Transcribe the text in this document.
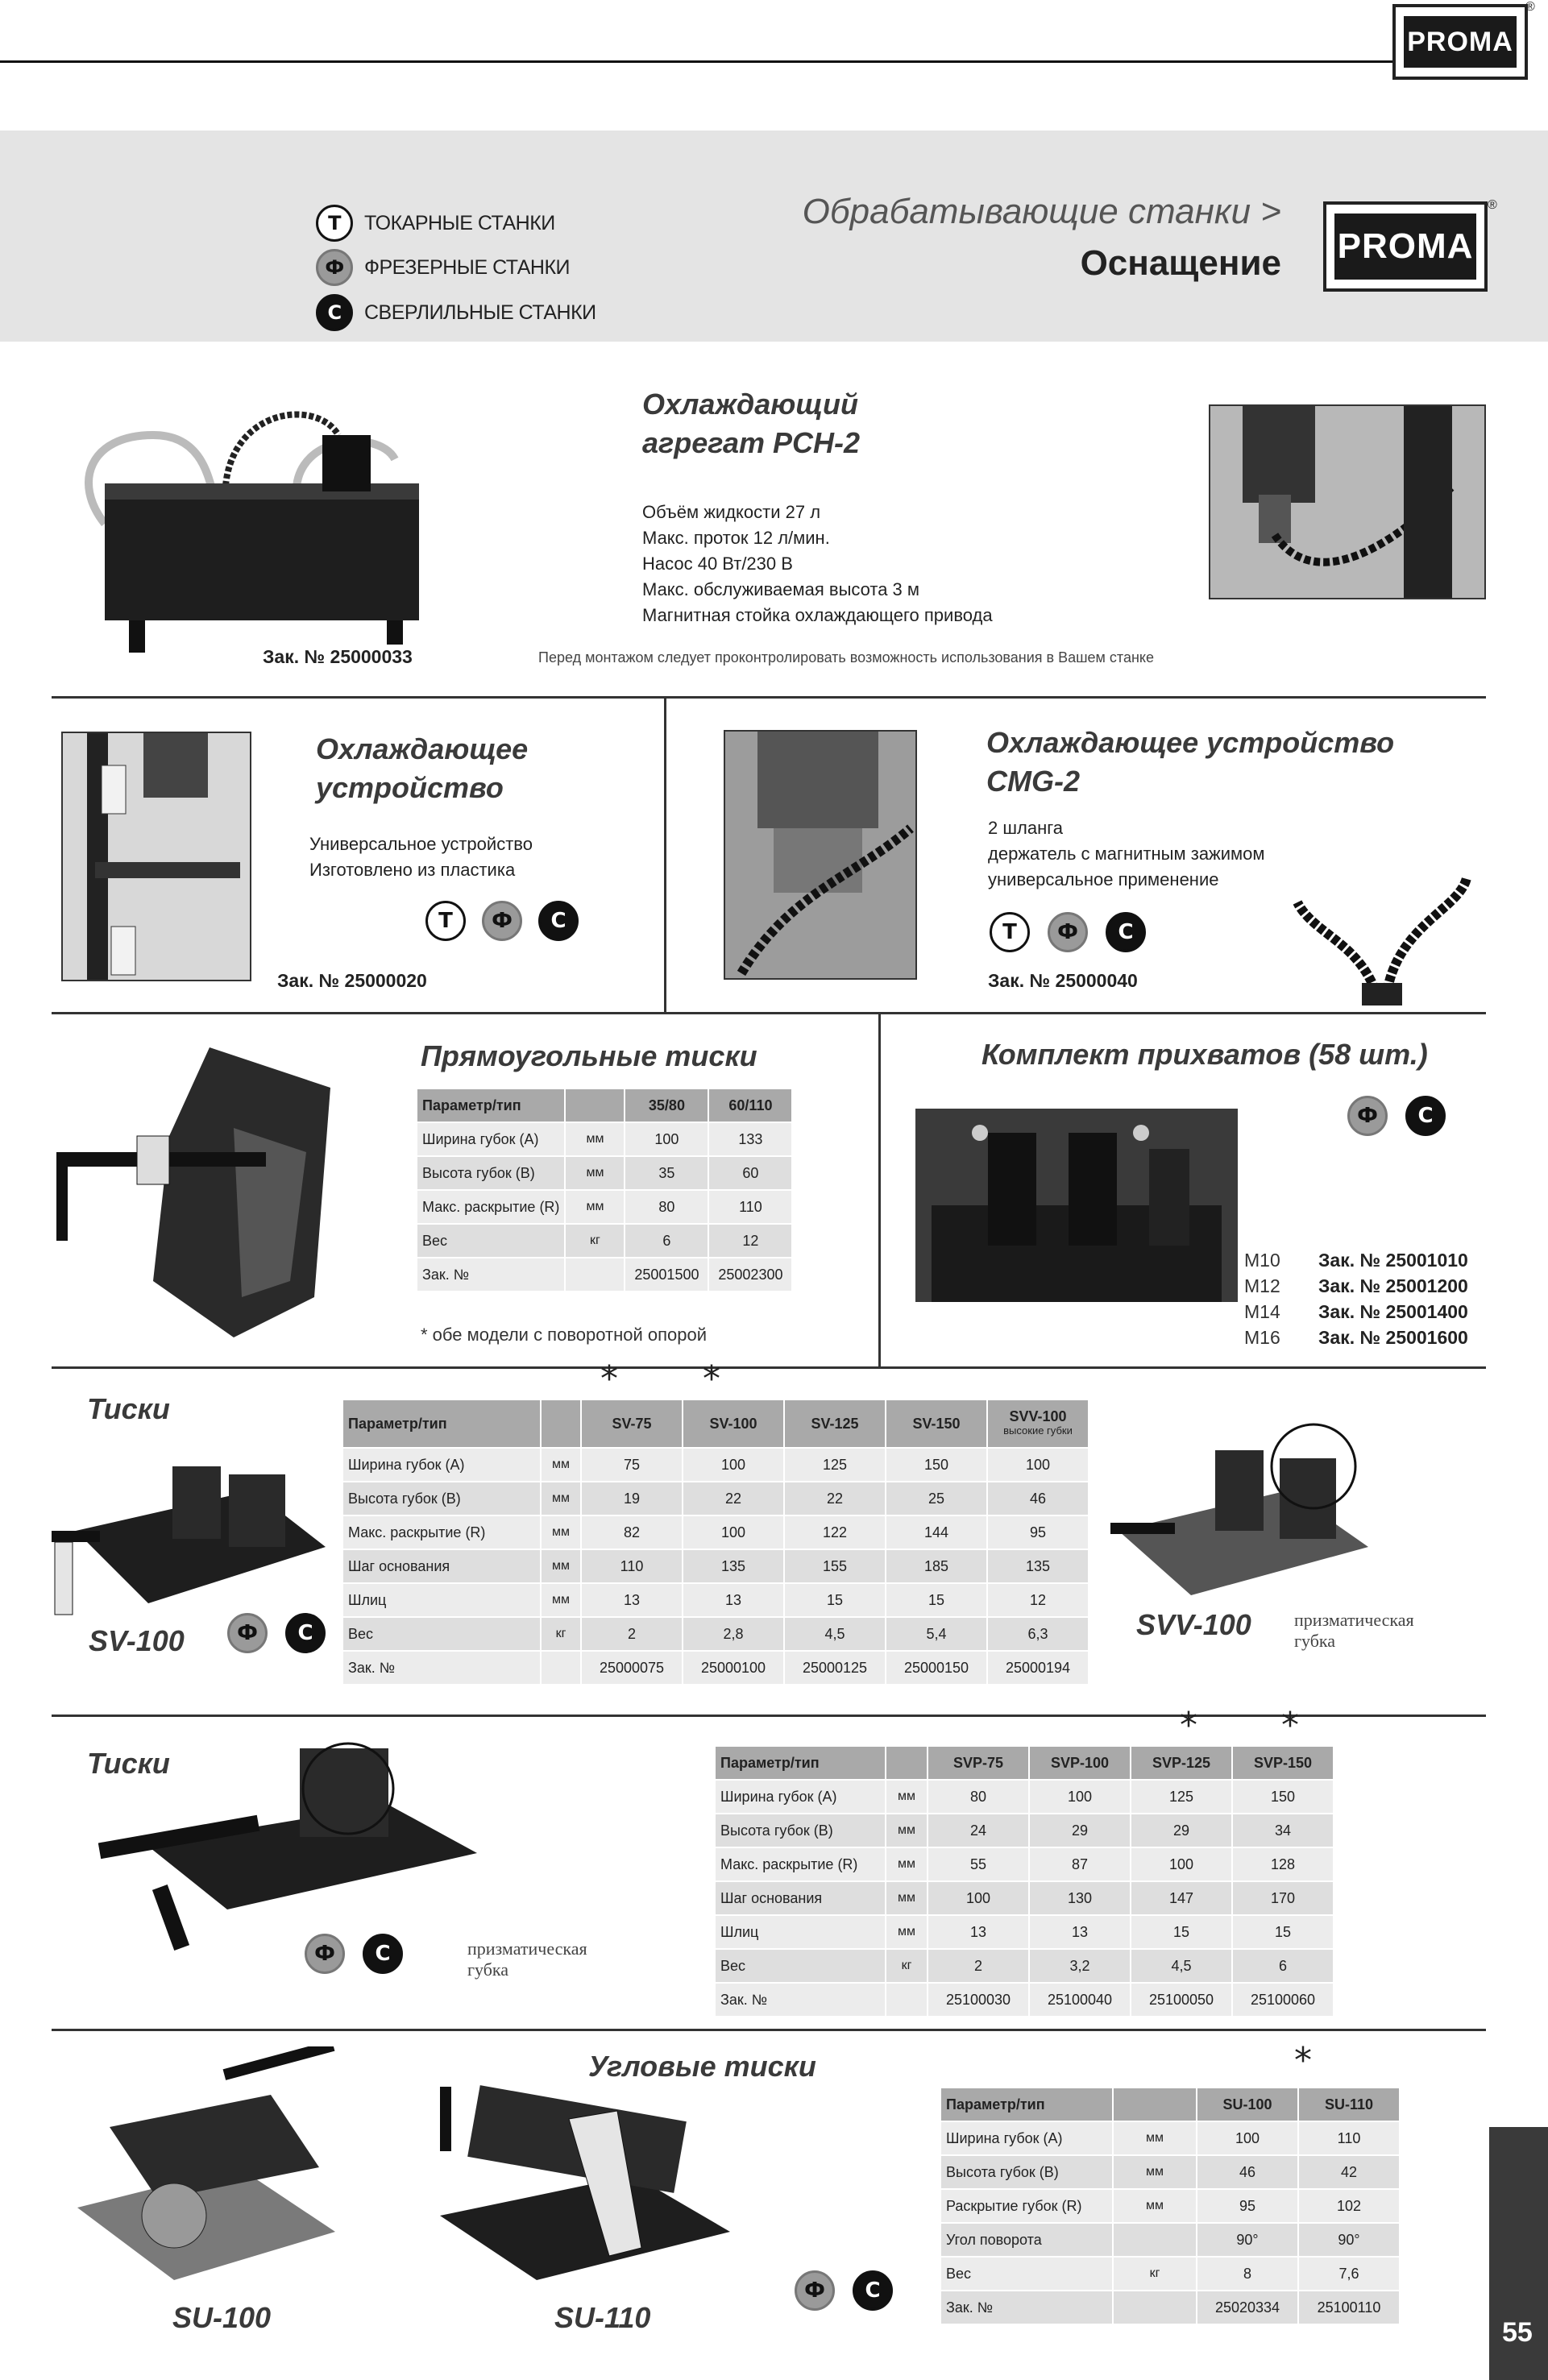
PROMA
®
Т	ТОКАРНЫЕ СТАНКИ
Ф	ФРЕЗЕРНЫЕ СТАНКИ
С	СВЕРЛИЛЬНЫЕ СТАНКИ
Обрабатывающие станки >
Оснащение PROMA
®
Охлаждающий
агрегат PCH-2
Объём жидкости 27 л
Макс. проток 12 л/мин.
Насос 40 Вт/230 В
Макс. обслуживаемая высота 3 м
Магнитная стойка охлаждающего привода
Зак. № 25000033	Перед монтажом следует проконтролировать возможность использования в Вашем станке
Охлаждающее
устройство
Универсальное устройство
Изготовлено из пластика
Т	Ф	С
Зак. № 25000020
Охлаждающее устройство
CMG-2
2 шланга
держатель с магнитным зажимом
универсальное применение
Т	Ф	С
Зак. № 25000040
Прямоугольные тиски
Параметр/тип		35/80	60/110
Ширина губок (А)	мм	100	133
Высота губок (В)	мм	35	60
Макс. раскрытие (R)	мм	80	110
Вес	кг	6	12
Зак. №		25001500	25002300
* обе модели с поворотной опорой
Комплект прихватов (58 шт.)
Ф	С
M10 Зак. № 25001010
M12 Зак. № 25001200
M14 Зак. № 25001400
M16 Зак. № 25001600
Тиски
SV-100	Ф	С
* *
Параметр/тип		SV-75	SV-100	SV-125	SV-150	SVV-100
высокие губки

Ширина губок (А)	мм	75	100	125	150	100
Высота губок (В)	мм	19	22	22	25	46
Макс. раскрытие (R)	мм	82	100	122	144	95
Шаг основания	мм	110	135	155	185	135
Шлиц	мм	13	13	15	15	12
Вес	кг	2	2,8	4,5	5,4	6,3
Зак. №		25000075	25000100	25000125	25000150	25000194
SVV-100 призматическая
губка
Тиски
Ф	С	призматическая
губка
* *
Параметр/тип		SVP-75	SVP-100	SVP-125	SVP-150
Ширина губок (А)	мм	80	100	125	150
Высота губок (В)	мм	24	29	29	34
Макс. раскрытие (R)	мм	55	87	100	128
Шаг основания	мм	100	130	147	170
Шлиц	мм	13	13	15	15
Вес	кг	2	3,2	4,5	6
Зак. №		25100030	25100040	25100050	25100060
Угловые тиски
SU-100	SU-110
Ф	С
*
Параметр/тип		SU-100	SU-110
Ширина губок (А)	мм	100	110
Высота губок (В)	мм	46	42
Раскрытие губок (R)	мм	95	102
Угол поворота		90°	90°
Вес	кг	8	7,6
Зак. №		25020334	25100110
55
